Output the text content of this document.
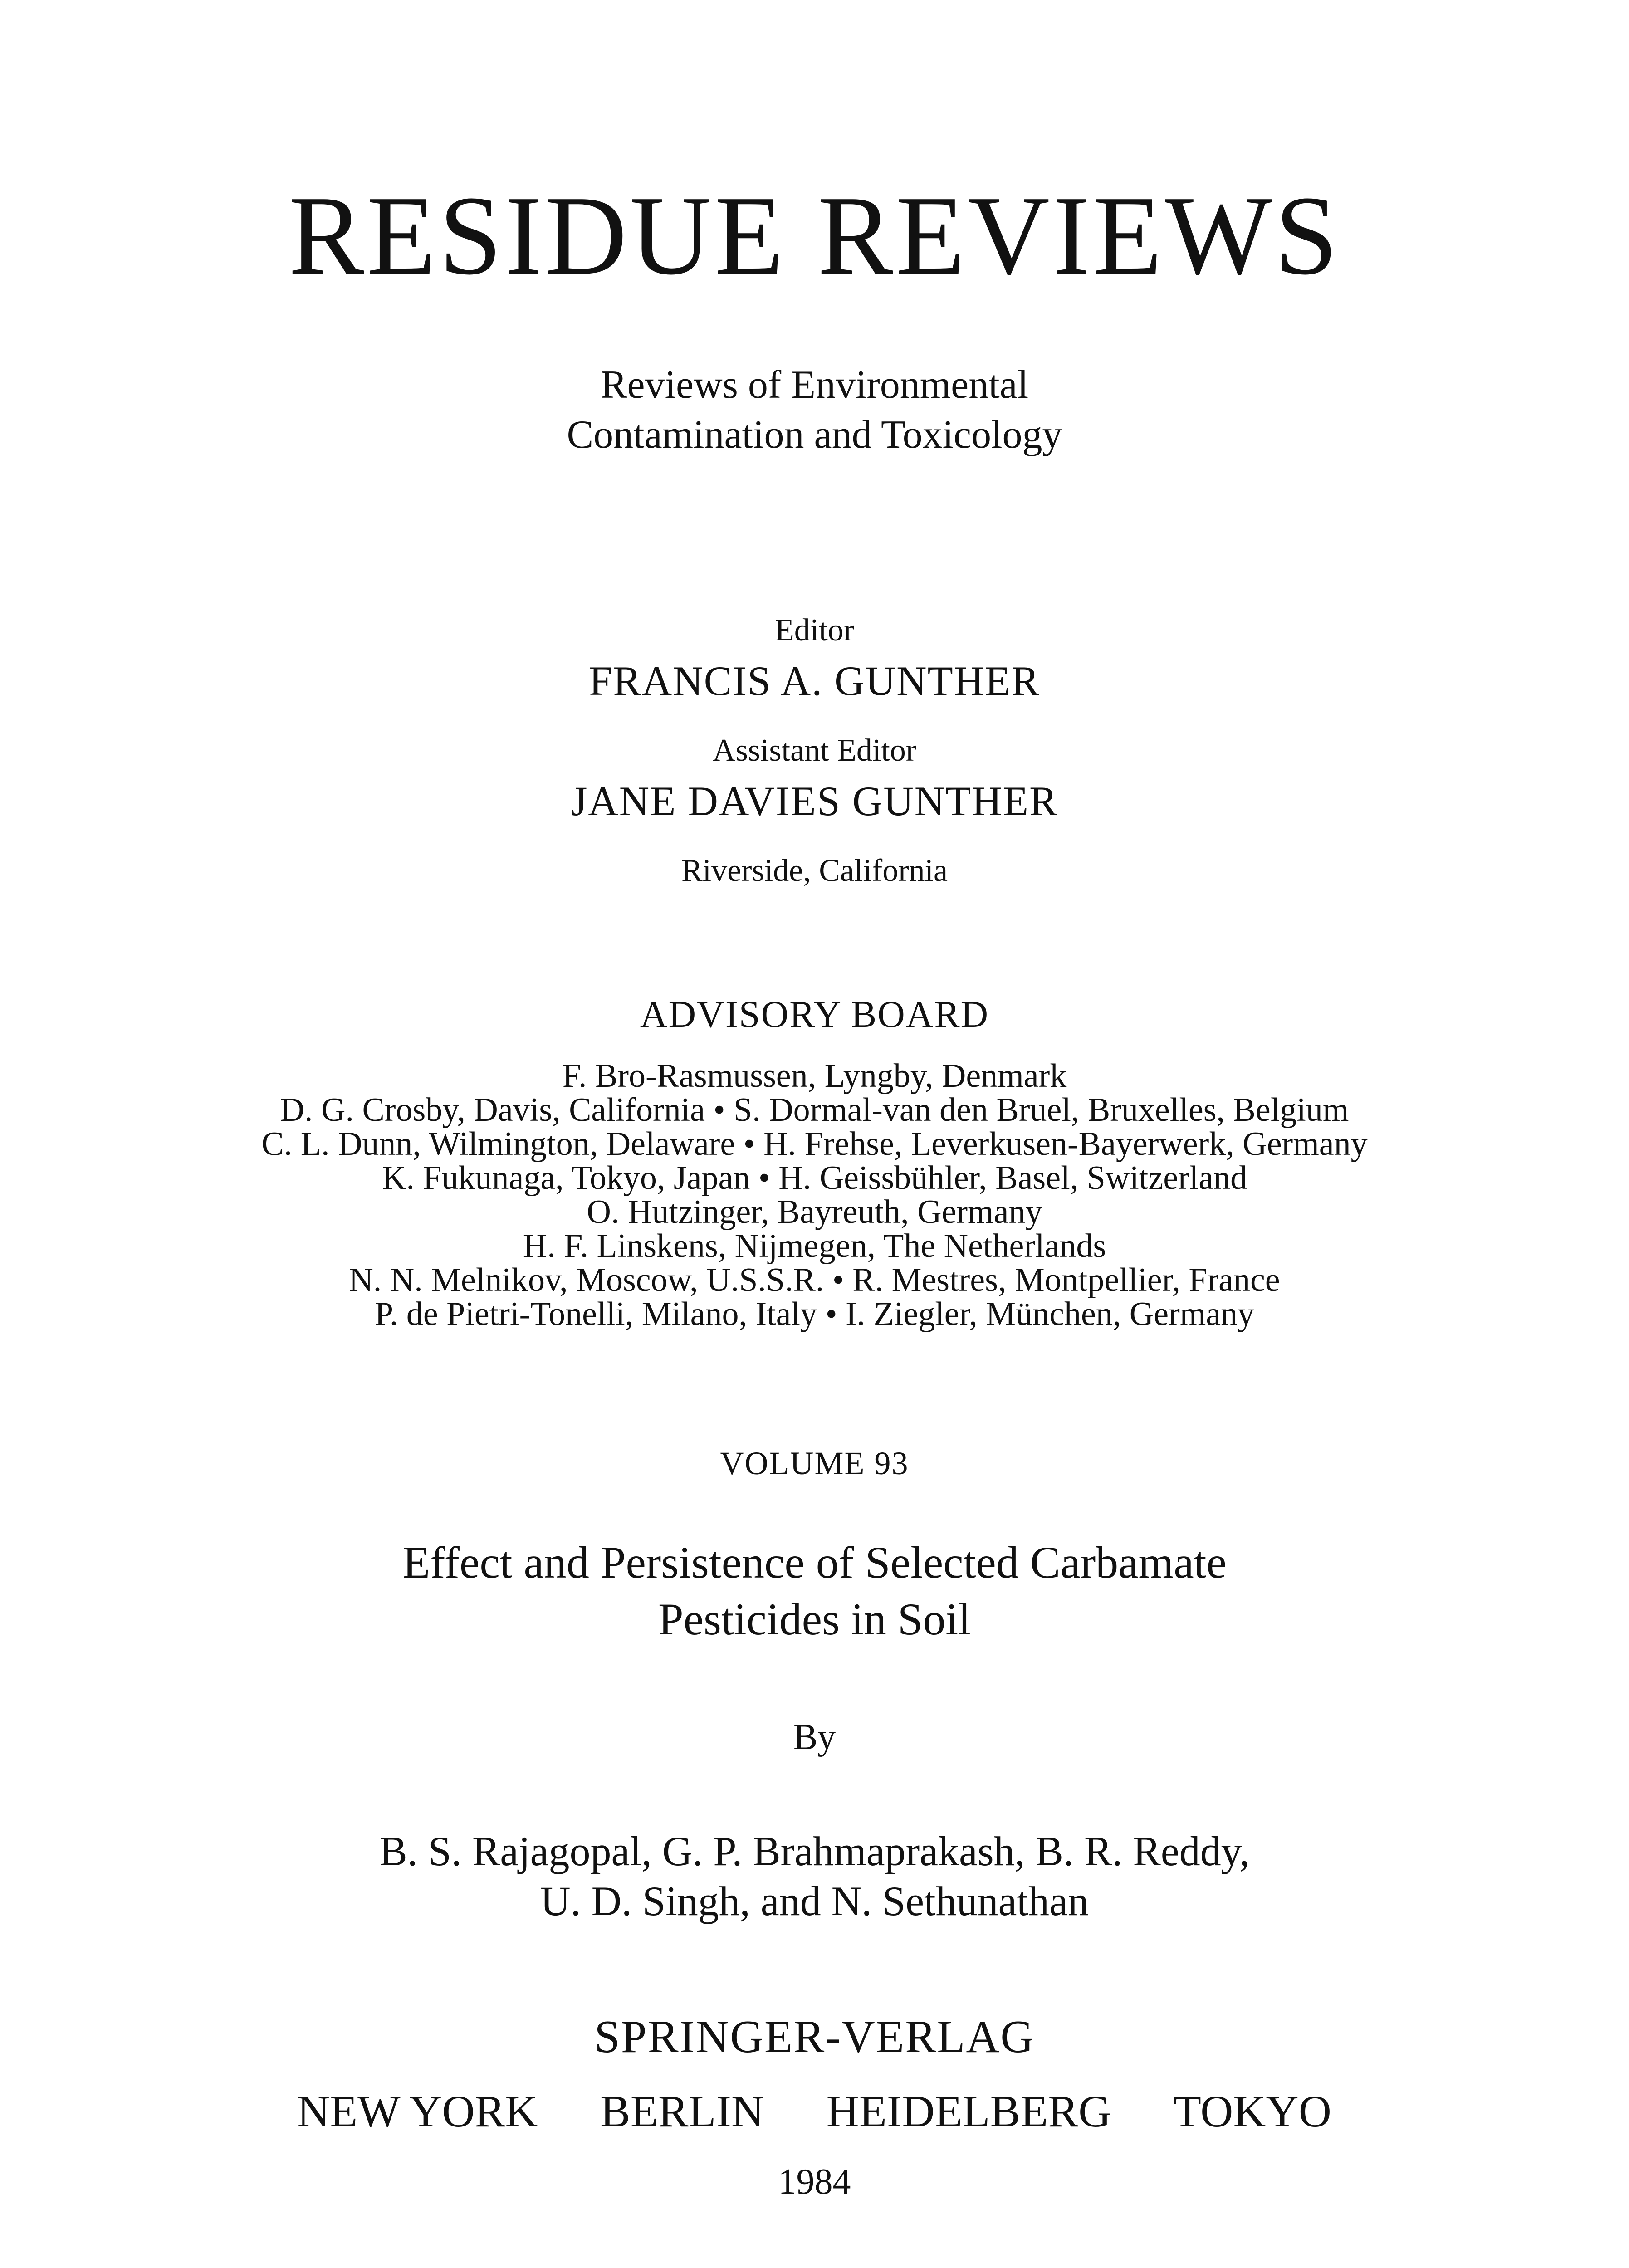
RESIDUE REVIEWS
Reviews of Environmental
Contamination and Toxicology
Editor
FRANCIS A. GUNTHER
Assistant Editor
JANE DAVIES GUNTHER
Riverside, California
ADVISORY BOARD
F. Bro-Rasmussen, Lyngby, Denmark
D. G. Crosby, Davis, California • S. Dormal-van den Bruel, Bruxelles, Belgium
C. L. Dunn, Wilmington, Delaware • H. Frehse, Leverkusen-Bayerwerk, Germany
K. Fukunaga, Tokyo, Japan • H. Geissbühler, Basel, Switzerland
O. Hutzinger, Bayreuth, Germany
H. F. Linskens, Nijmegen, The Netherlands
N. N. Melnikov, Moscow, U.S.S.R. • R. Mestres, Montpellier, France
P. de Pietri-Tonelli, Milano, Italy • I. Ziegler, München, Germany
VOLUME 93
Effect and Persistence of Selected Carbamate
Pesticides in Soil
By
B. S. Rajagopal, G. P. Brahmaprakash, B. R. Reddy,
U. D. Singh, and N. Sethunathan
SPRINGER-VERLAG
NEW YORK BERLIN HEIDELBERG TOKYO
1984
